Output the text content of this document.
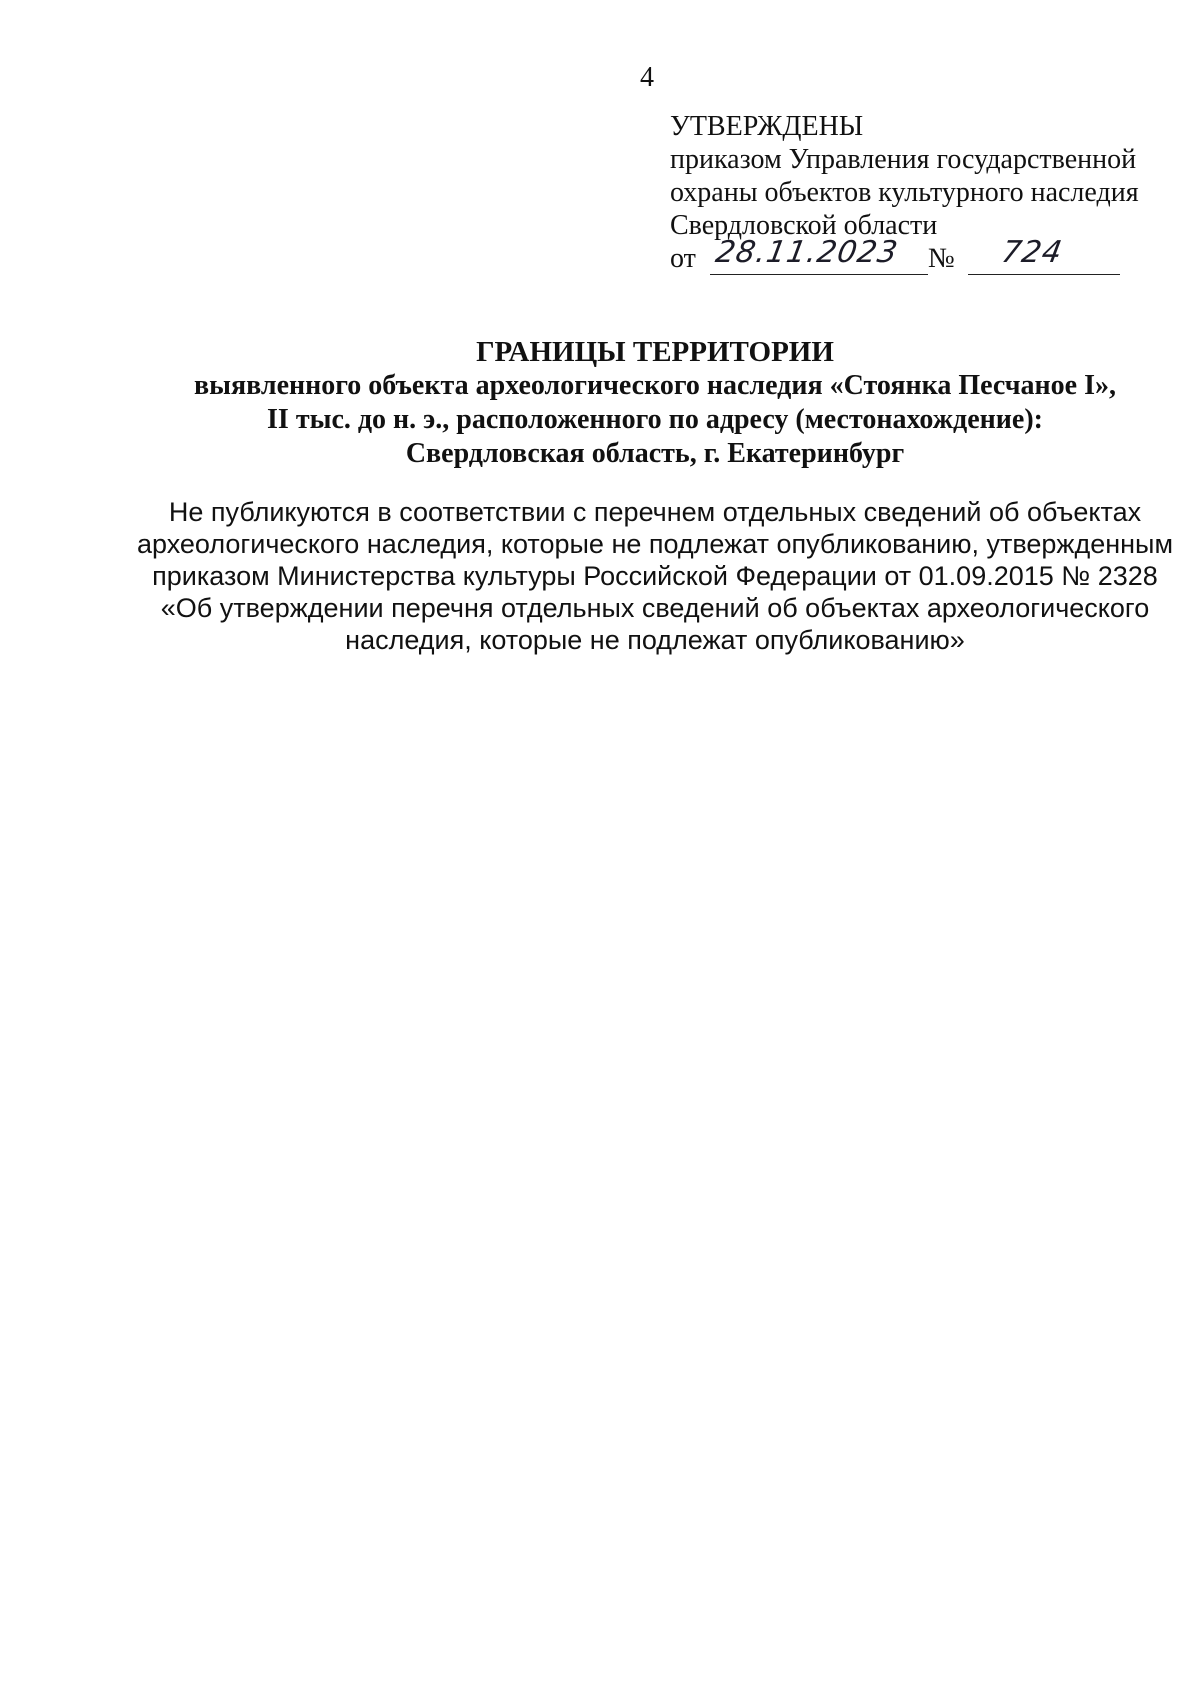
4
УТВЕРЖДЕНЫ
приказом Управления государственной
охраны объектов культурного наследия
Свердловской области
от 28.11.2023 № 724
ГРАНИЦЫ ТЕРРИТОРИИ
выявленного объекта археологического наследия «Стоянка Песчаное I»,
II тыс. до н. э., расположенного по адресу (местонахождение):
Свердловская область, г. Екатеринбург
Не публикуются в соответствии с перечнем отдельных сведений об объектах
археологического наследия, которые не подлежат опубликованию, утвержденным
приказом Министерства культуры Российской Федерации от 01.09.2015 № 2328
«Об утверждении перечня отдельных сведений об объектах археологического
наследия, которые не подлежат опубликованию»
